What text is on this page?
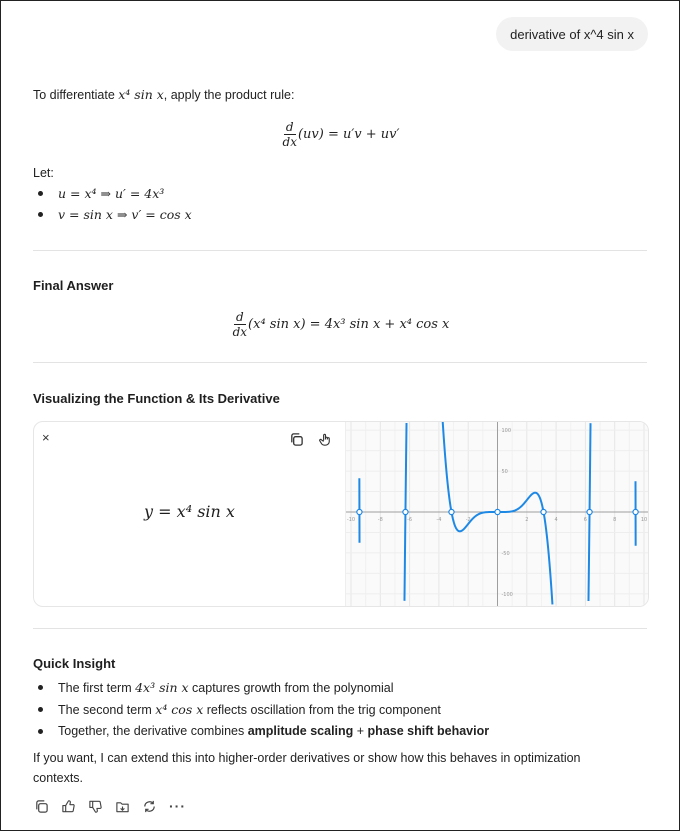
derivative of x^4 sin x
To differentiate x⁴ sin x, apply the product rule:
$\frac{d}{dx} (uv) = u'v + uv'$
Let:
u = x⁴ ⇒ u′ = 4x³
v = sin x ⇒ v′ = cos x
Final Answer
$\frac{d}{dx} (x^4$ sin x) = 4x³ sin x + x⁴ cos x
Visualizing the Function & Its Derivative
×
y = x⁴ sin x	-10	-8	-6	-4	-2	2	4	6	8	10
100
50
-50
-100
Quick Insight
The first term 4x³ sin x captures growth from the polynomial
The second term x⁴ cos x reflects oscillation from the trig component
Together, the derivative combines amplitude scaling + phase shift behavior
If you want, I can extend this into higher-order derivatives or show how this behaves in optimization
contexts.
···
